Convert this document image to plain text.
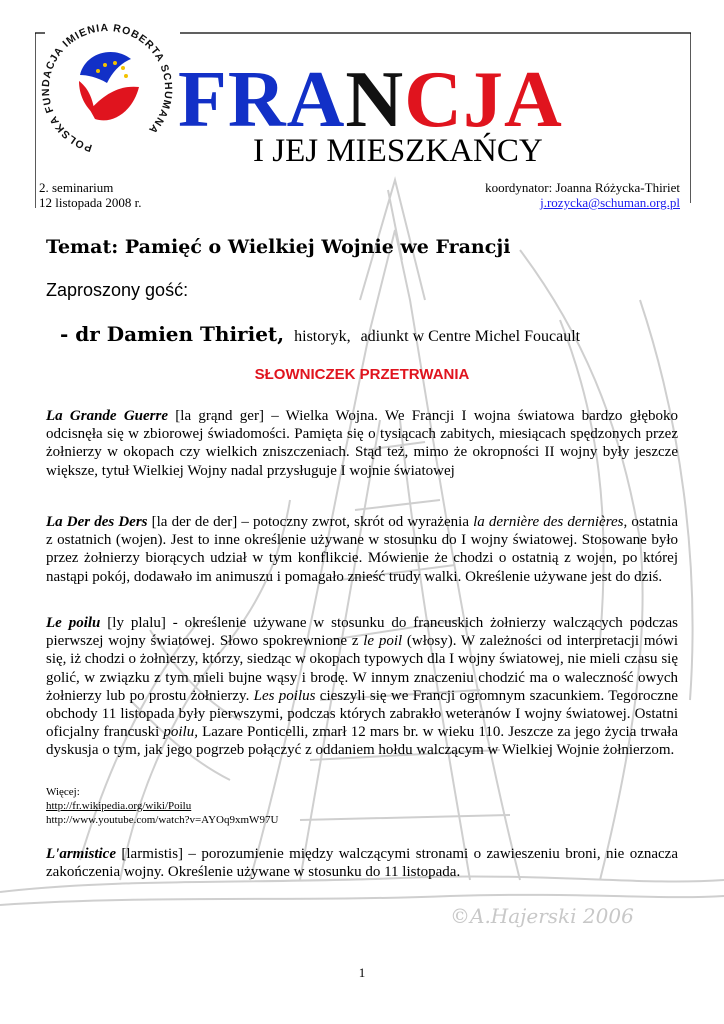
POLSKA FUNDACJA IMIENIA ROBERTA SCHUMANA FRANCJA
I JEJ MIESZKAŃCY
2. seminarium
12 listopada 2008 r.
koordynator: Joanna Różycka-Thiriet
j.rozycka@schuman.org.pl
Temat: Pamięć o Wielkiej Wojnie we Francji
Zaproszony gość:
- dr Damien Thiriet, historyk, adiunkt w Centre Michel Foucault
SŁOWNICZEK PRZETRWANIA
La Grande Guerre [la grąnd ger] – Wielka Wojna. We Francji I wojna światowa bardzo głęboko odcisnęła się w zbiorowej świadomości. Pamięta się o tysiącach zabitych, miesiącach spędzonych przez żołnierzy w okopach czy wielkich zniszczeniach. Stąd też, mimo że okropności II wojny były jeszcze większe, tytuł Wielkiej Wojny nadal przysługuje I wojnie światowej
La Der des Ders [la der de der] – potoczny zwrot, skrót od wyrażenia la dernière des dernières, ostatnia z ostatnich (wojen). Jest to inne określenie używane w stosunku do I wojny światowej. Stosowane było przez żołnierzy biorących udział w tym konflikcie. Mówienie że chodzi o ostatnią z wojen, po której nastąpi pokój, dodawało im animuszu i pomagało znieść trudy walki. Określenie używane jest do dziś.
Le poilu [ly plalu] - określenie używane w stosunku do francuskich żołnierzy walczących podczas pierwszej wojny światowej. Słowo spokrewnione z le poil (włosy). W zależności od interpretacji mówi się, iż chodzi o żołnierzy, którzy, siedząc w okopach typowych dla I wojny światowej, nie mieli czasu się golić, w związku z tym mieli bujne wąsy i brodę. W innym znaczeniu chodzić ma o waleczność owych żołnierzy lub po prostu żołnierzy. Les poilus cieszyli się we Francji ogromnym szacunkiem. Tegoroczne obchody 11 listopada były pierwszymi, podczas których zabrakło weteranów I wojny światowej. Ostatni oficjalny francuski poilu, Lazare Ponticelli, zmarł 12 mars br. w wieku 110. Jeszcze za jego życia trwała dyskusja o tym, jak jego pogrzeb połączyć z oddaniem hołdu walczącym w Wielkiej Wojnie żołnierzom.
Więcej:
http://fr.wikipedia.org/wiki/Poilu
http://www.youtube.com/watch?v=AYOq9xmW97U
L'armistice [larmistis] – porozumienie między walczącymi stronami o zawieszeniu broni, nie oznacza zakończenia wojny. Określenie używane w stosunku do 11 listopada.
©A.Hajerski 2006
1
